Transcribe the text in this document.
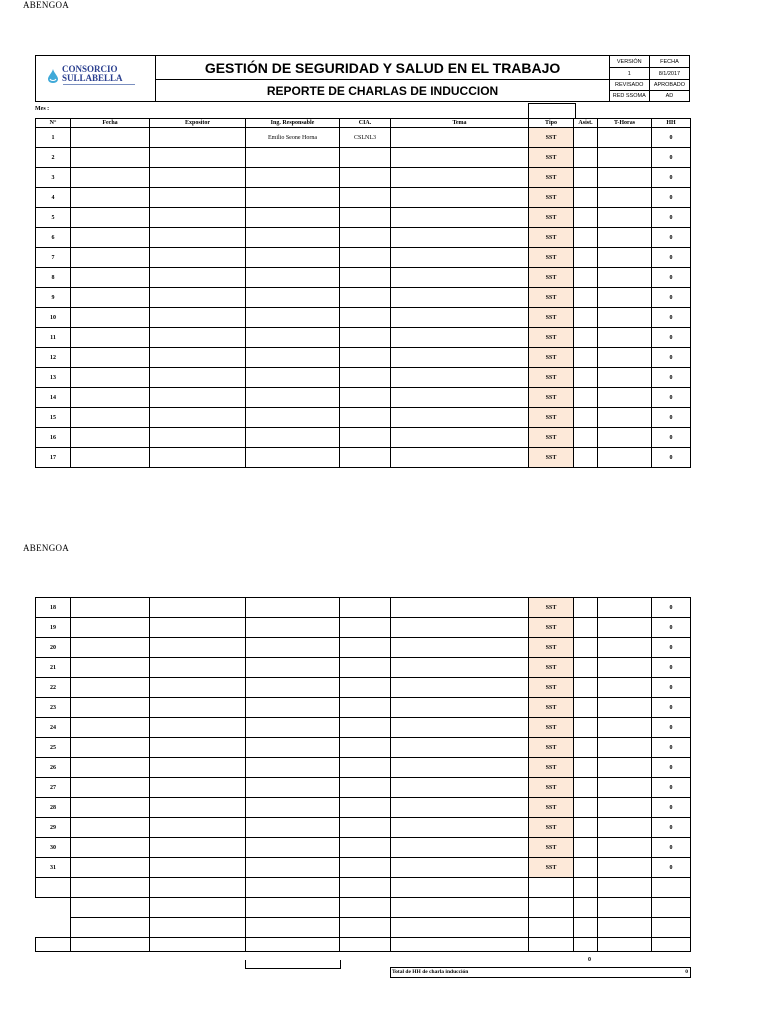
ABENGOA
CONSORCIO
SULLABELLA	GESTIÓN DE SEGURIDAD Y SALUD EN EL TRABAJO	VERSIÓN	FECHA
		1	8/1/2017
	REPORTE DE CHARLAS DE INDUCCION	REVISADO	APROBADO
		RED SSOMA	AD
Mes :
N°	Fecha	Expositor	Ing. Responsable	CIA.	Tema	Tipo	Asist.	T-Horas	HH
1			Emilio Seone Horna	CSLNL3		SST			0
2						SST			0
3						SST			0
4						SST			0
5						SST			0
6						SST			0
7						SST			0
8						SST			0
9						SST			0
10						SST			0
11						SST			0
12						SST			0
13						SST			0
14						SST			0
15						SST			0
16						SST			0
17						SST			0
ABENGOA
18						SST			0
19						SST			0
20						SST			0
21						SST			0
22						SST			0
23						SST			0
24						SST			0
25						SST			0
26						SST			0
27						SST			0
28						SST			0
29						SST			0
30						SST			0
31						SST			0

0
Total de HH de charla inducción	0
